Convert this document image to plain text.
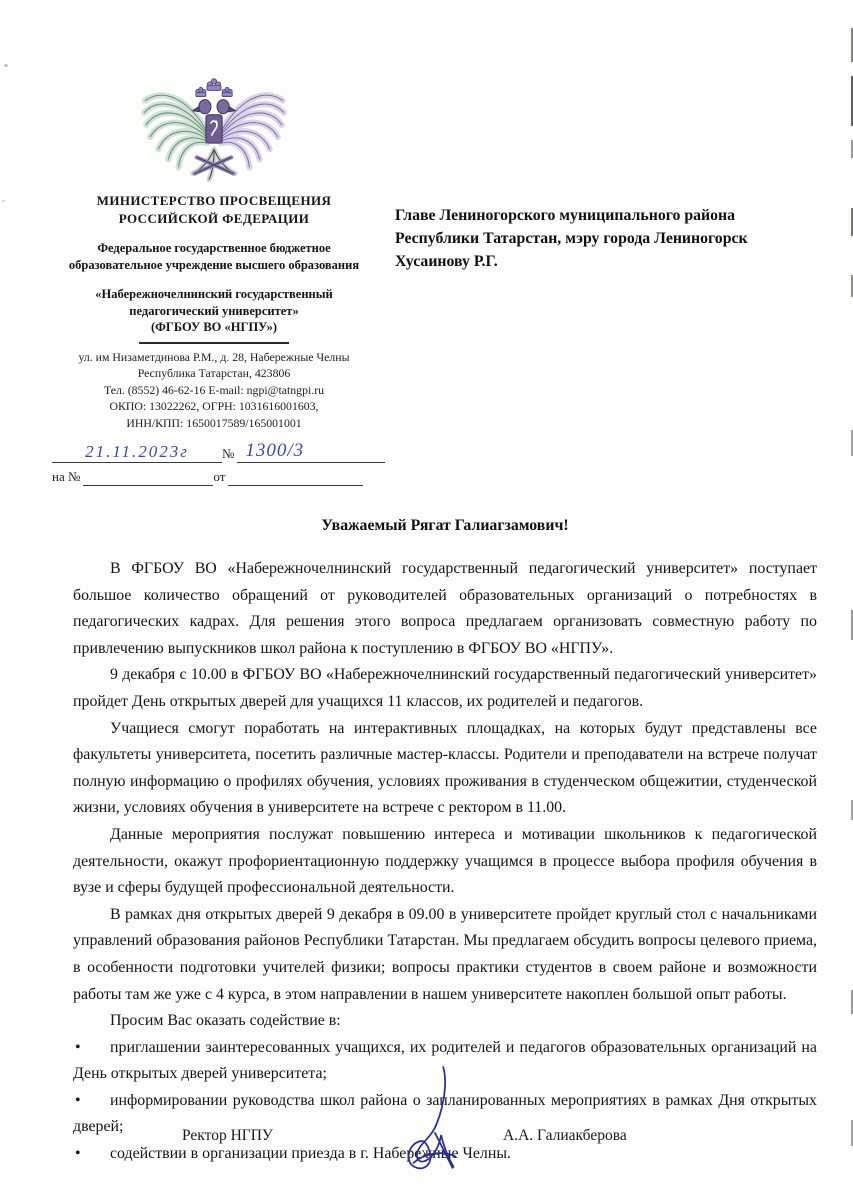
МИНИСТЕРСТВО ПРОСВЕЩЕНИЯ
РОССИЙСКОЙ ФЕДЕРАЦИИ
Федеральное государственное бюджетное образовательное учреждение высшего образования
«Набережночелнинский государственный педагогический университет»
(ФГБОУ ВО «НГПУ»)
ул. им Низаметдинова Р.М., д. 28, Набережные Челны
Республика Татарстан, 423806
Тел. (8552) 46-62-16 E-mail: ngpi@tatngpi.ru
ОКПО: 13022262, ОГРН: 1031616001603,
ИНН/КПП: 1650017589/165001001
21.11.2023г	№ 1300/3
на №	от
Главе Лениногорского муниципального района
Республики Татарстан, мэру города Лениногорск
Хусаинову Р.Г.
Уважаемый Рягат Галиагзамович!

В ФГБОУ ВО «Набережночелнинский государственный педагогический университет» поступает большое количество обращений от руководителей образовательных организаций о потребностях в педагогических кадрах. Для решения этого вопроса предлагаем организовать совместную работу по привлечению выпускников школ района к поступлению в ФГБОУ ВО «НГПУ».

9 декабря с 10.00 в ФГБОУ ВО «Набережночелнинский государственный педагогический университет» пройдет День открытых дверей для учащихся 11 классов, их родителей и педагогов.

Учащиеся смогут поработать на интерактивных площадках, на которых будут представлены все факультеты университета, посетить различные мастер-классы. Родители и преподаватели на встрече получат полную информацию о профилях обучения, условиях проживания в студенческом общежитии, студенческой жизни, условиях обучения в университете на встрече с ректором в 11.00.

Данные мероприятия послужат повышению интереса и мотивации школьников к педагогической деятельности, окажут профориентационную поддержку учащимся в процессе выбора профиля обучения в вузе и сферы будущей профессиональной деятельности.

В рамках дня открытых дверей 9 декабря в 09.00 в университете пройдет круглый стол с начальниками управлений образования районов Республики Татарстан. Мы предлагаем обсудить вопросы целевого приема, в особенности подготовки учителей физики; вопросы практики студентов в своем районе и возможности работы там же уже с 4 курса, в этом направлении в нашем университете накоплен большой опыт работы.

Просим Вас оказать содействие в:

• приглашении заинтересованных учащихся, их родителей и педагогов образовательных организаций на День открытых дверей университета;

• информировании руководства школ района о запланированных мероприятиях в рамках Дня открытых дверей;

• содействии в организации приезда в г. Набережные Челны.

Ректор НГПУ	А.А. Галиакберова
